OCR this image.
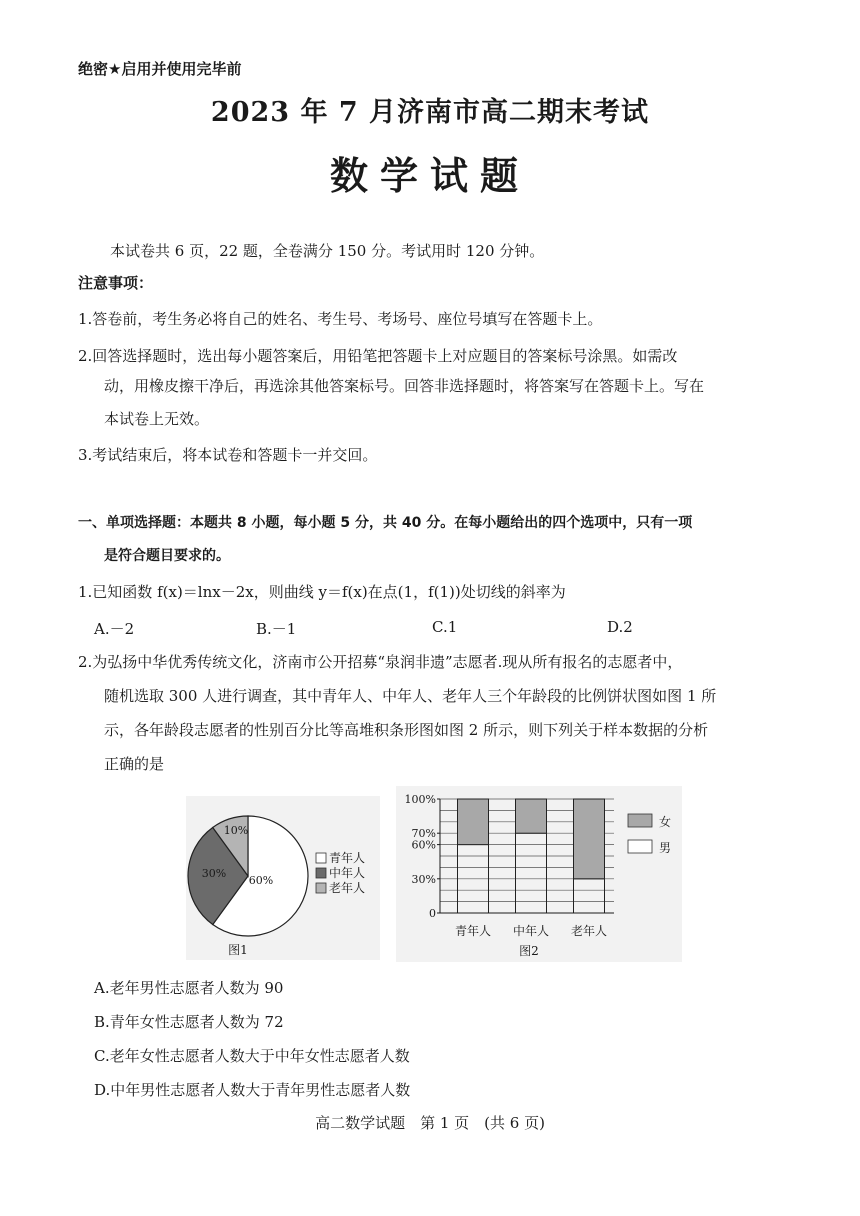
绝密★启用并使用完毕前
2023 年 7 月济南市高二期末考试
数学试题
本试卷共 6 页，22 题，全卷满分 150 分。考试用时 120 分钟。
注意事项：
1.答卷前，考生务必将自己的姓名、考生号、考场号、座位号填写在答题卡上。
2.回答选择题时，选出每小题答案后，用铅笔把答题卡上对应题目的答案标号涂黑。如需改
动，用橡皮擦干净后，再选涂其他答案标号。回答非选择题时，将答案写在答题卡上。写在
本试卷上无效。
3.考试结束后，将本试卷和答题卡一并交回。
一、单项选择题：本题共 8 小题，每小题 5 分，共 40 分。在每小题给出的四个选项中，只有一项
是符合题目要求的。
1.已知函数 f(x)＝lnx－2x，则曲线 y＝f(x)在点(1，f(1))处切线的斜率为
A.－2	B.－1	C.1	D.2
2.为弘扬中华优秀传统文化，济南市公开招募“泉润非遗”志愿者.现从所有报名的志愿者中，
随机选取 300 人进行调查，其中青年人、中年人、老年人三个年龄段的比例饼状图如图 1 所
示，各年龄段志愿者的性别百分比等高堆积条形图如图 2 所示，则下列关于样本数据的分析
正确的是
60%
30%
10%
青年人
中年人
老年人
图1
0
30%
60%
70%
100%
青年人 中年人 老年人
女
男
图2
A.老年男性志愿者人数为 90
B.青年女性志愿者人数为 72
C.老年女性志愿者人数大于中年女性志愿者人数
D.中年男性志愿者人数大于青年男性志愿者人数
高二数学试题　第 1 页　(共 6 页)
